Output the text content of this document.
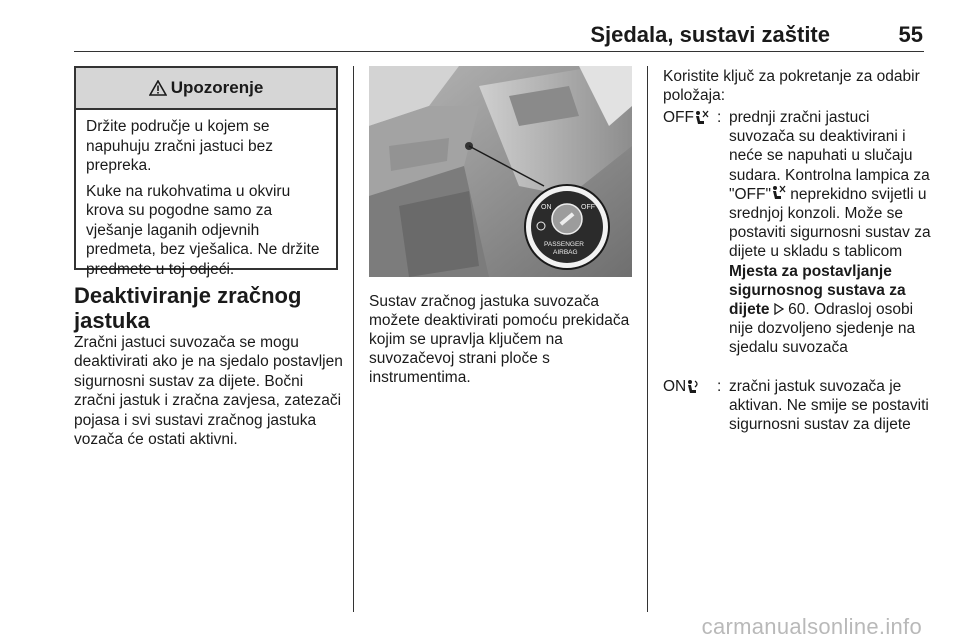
Sjedala, sustavi zaštite	55
Upozorenje

Držite područje u kojem se napuhuju zračni jastuci bez prepreka.

Kuke na rukohvatima u okviru krova su pogodne samo za vješanje laganih odjevnih predmeta, bez vješalica. Ne držite predmete u toj odjeći.

Deaktiviranje zračnog jastuka
Zračni jastuci suvozača se mogu deaktivirati ako je na sjedalo postavljen sigurnosni sustav za dijete. Bočni zračni jastuk i zračna zavjesa, zatezači pojasa i svi sustavi zračnog jastuka vozača će ostati aktivni.
ON	OFF
PASSENGER
AIRBAG
Sustav zračnog jastuka suvozača možete deaktivirati pomoću prekidača kojim se upravlja ključem na suvozačevoj strani ploče s instrumentima.
Koristite ključ za pokretanje za odabir položaja:
OFF : prednji zračni jastuci suvozača su deaktivirani i neće se napuhati u slučaju sudara. Kontrolna lampica za "OFF" neprekidno svijetli u srednjoj konzoli. Može se postaviti sigurnosni sustav za dijete u skladu s tablicom Mjesta za postavljanje sigurnosnog sustava za dijete  60. Odrasloj osobi nije dozvoljeno sjedenje na sjedalu suvozača
ON : zračni jastuk suvozača je aktivan. Ne smije se postaviti sigurnosni sustav za dijete
carmanualsonline.info
